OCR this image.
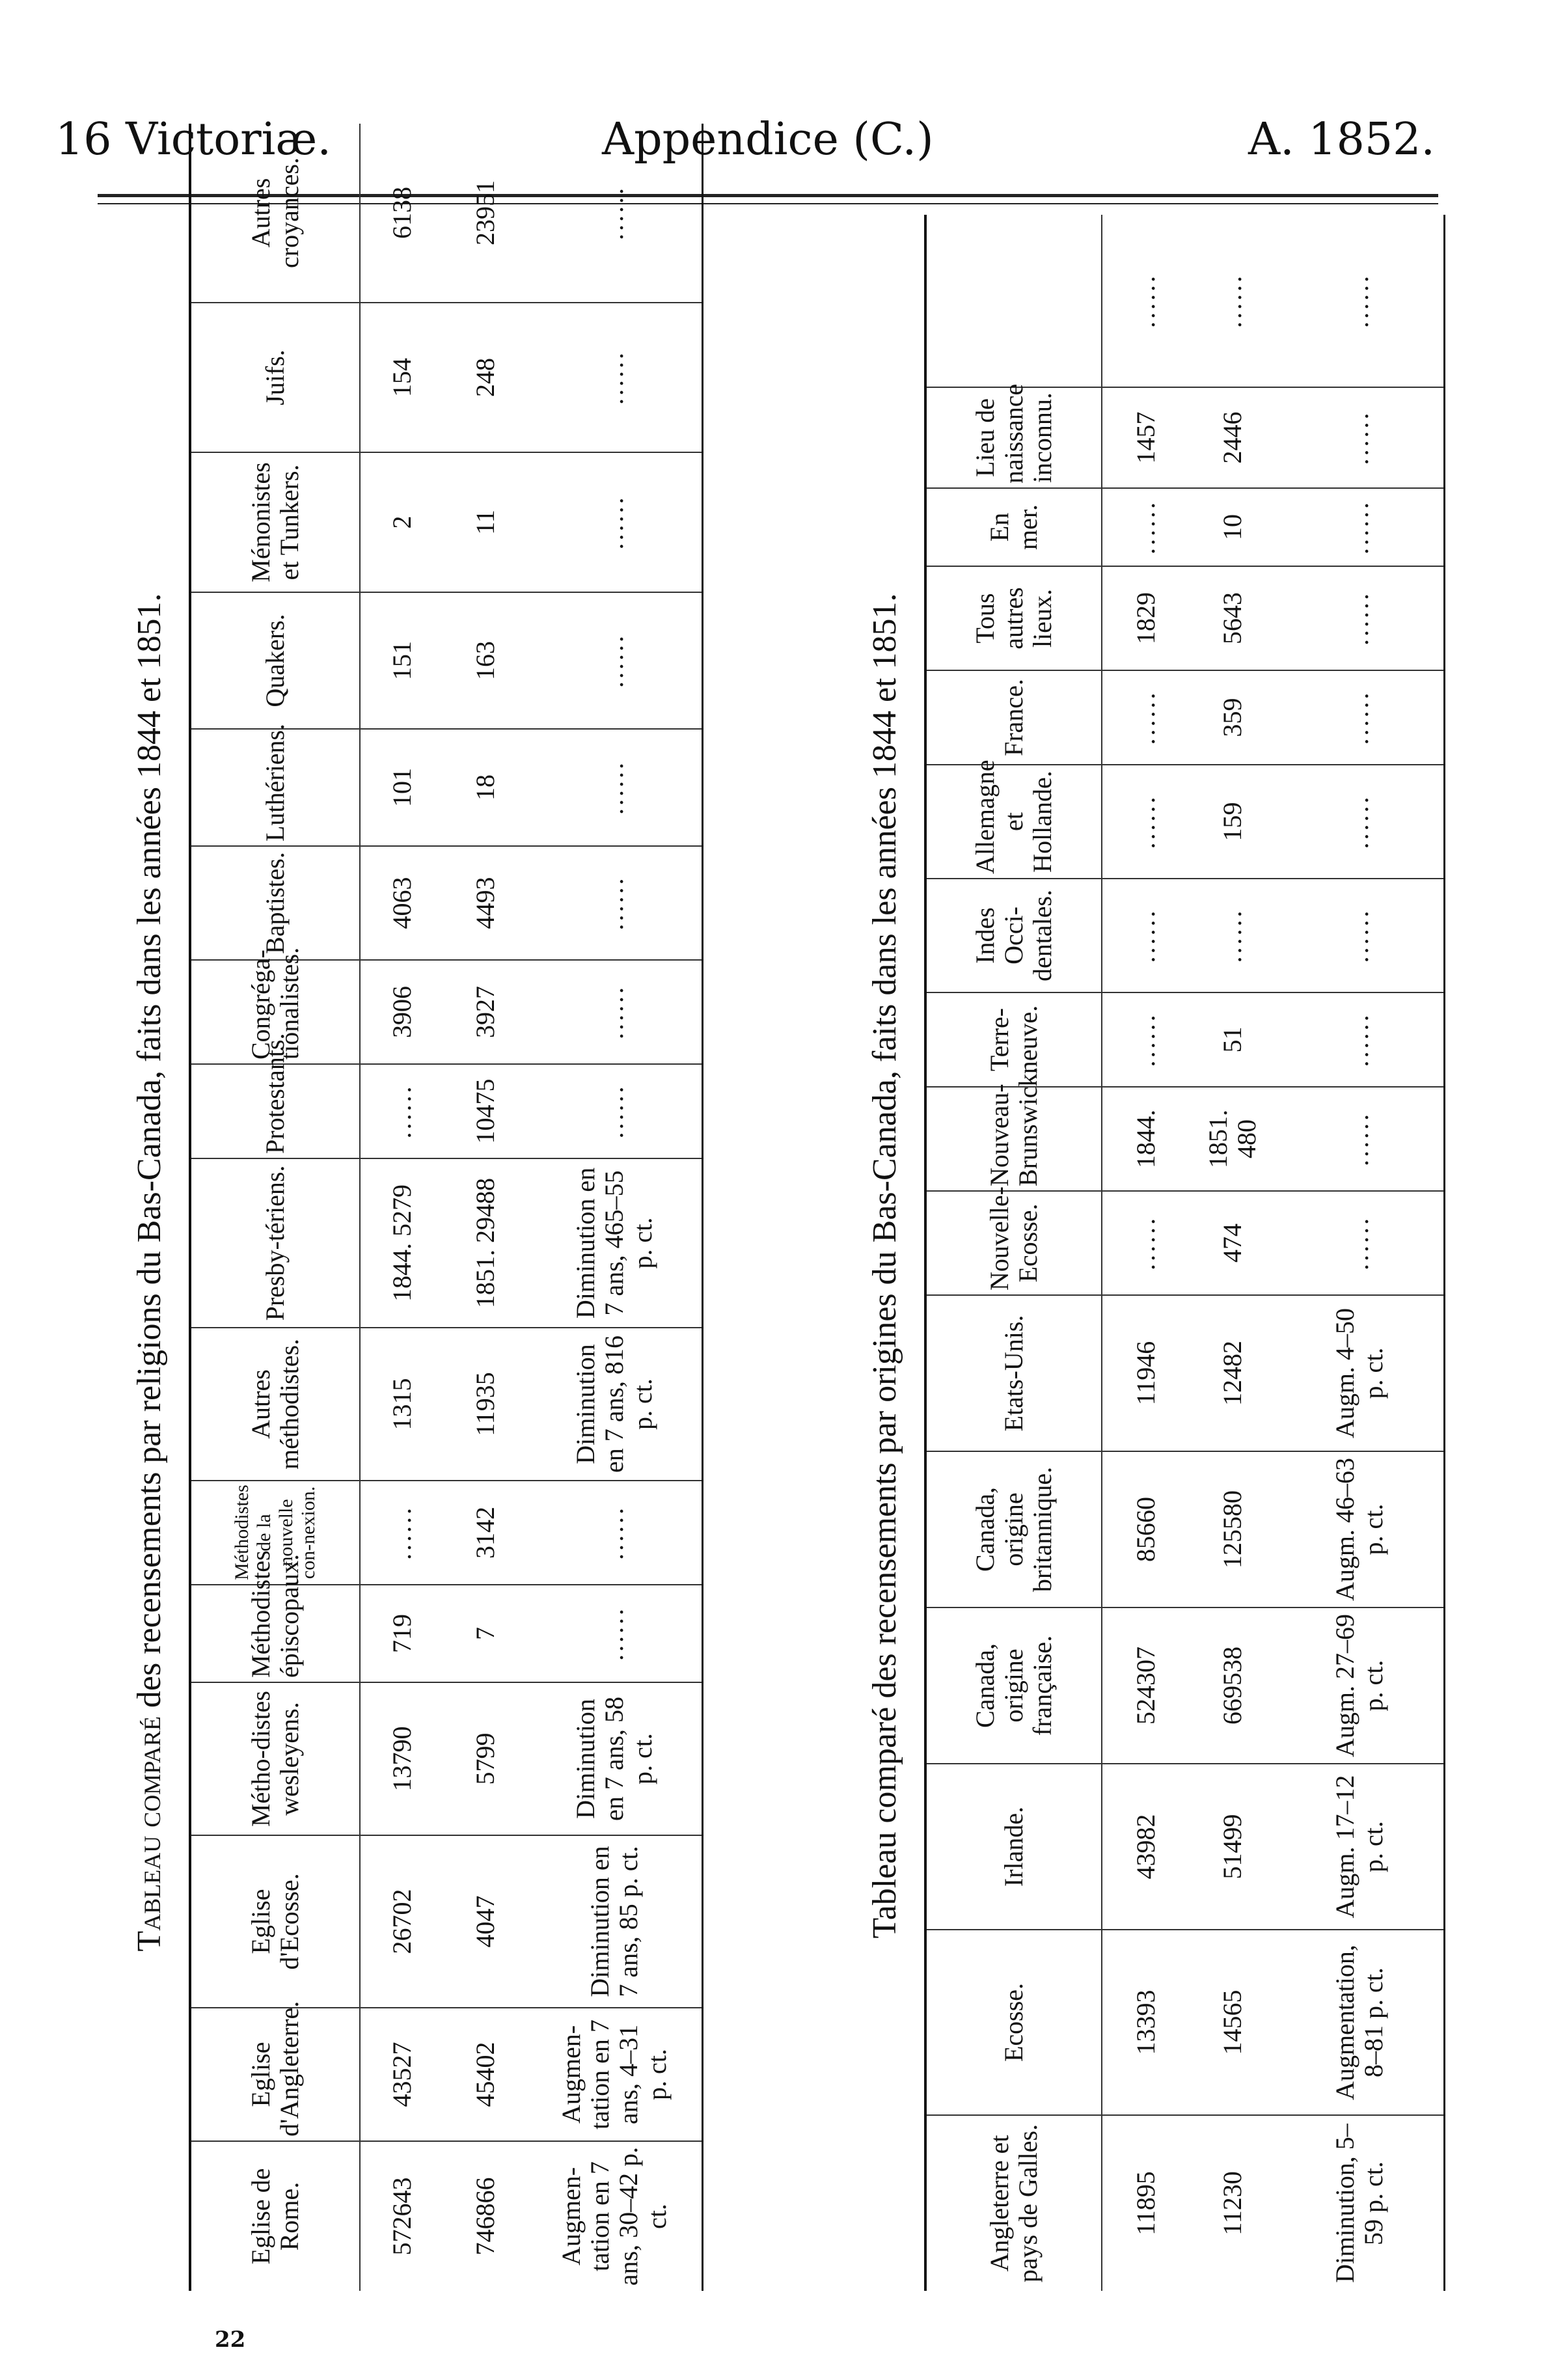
16 Victoriæ.	Appendice (C.)	A. 1852.
Tableau comparé des recensements par religions du Bas-Canada, faits dans les années 1844 et 1851.
Eglise de Rome.	Eglise d'Angleterre.	Eglise d'Ecosse.	Métho-distes wesleyens.	Méthodistes épiscopaux.	Méthodistes de la nouvelle con-nexion.	Autres méthodistes.	Presby-tériens.	Protestants.	Congréga-tionalistes.	Baptistes.	Luthériens.	Quakers.	Ménonistes et Tunkers.	Juifs.	Autres croyances.
572643	43527	26702	13790	719	......	1315	1844. 5279	......	3906	4063	101	151	2	154	6138
746866	45402	4047	5799	7	3142	11935	1851. 29488	10475	3927	4493	18	163	11	248	23951
Augmen-tation en 7 ans, 30–42 p. ct.	Augmen-tation en 7 ans, 4–31 p. ct.	Diminution en 7 ans, 85 p. ct.	Diminution en 7 ans, 58 p. ct.	......	......	Diminution en 7 ans, 816 p. ct.	Diminution en 7 ans, 465–55 p. ct.	......	......	......	......	......	......	......	......
Tableau comparé des recensements par origines du Bas-Canada, faits dans les années 1844 et 1851.
Angleterre et pays de Galles.	Ecosse.	Irlande.	Canada, origine française.	Canada, origine britannique.	Etats-Unis.	Nouvelle-Ecosse.	Nouveau-Brunswick.	Terre-neuve.	Indes Occi-dentales.	Allemagne et Hollande.	France.	Tous autres lieux.	En mer.	Lieu de naissance inconnu.	
11895	13393	43982	524307	85660	11946	......	1844.	......	......	......	......	1829	......	1457	......
11230	14565	51499	669538	125580	12482	474	1851. 480	51	......	159	359	5643	10	2446	......
Diminution, 5–59 p. ct.	Augmentation, 8–81 p. ct.	Augm. 17–12 p. ct.	Augm. 27–69 p. ct.	Augm. 46–63 p. ct.	Augm. 4–50 p. ct.	......	......	......	......	......	......	......	......	......	......
22
